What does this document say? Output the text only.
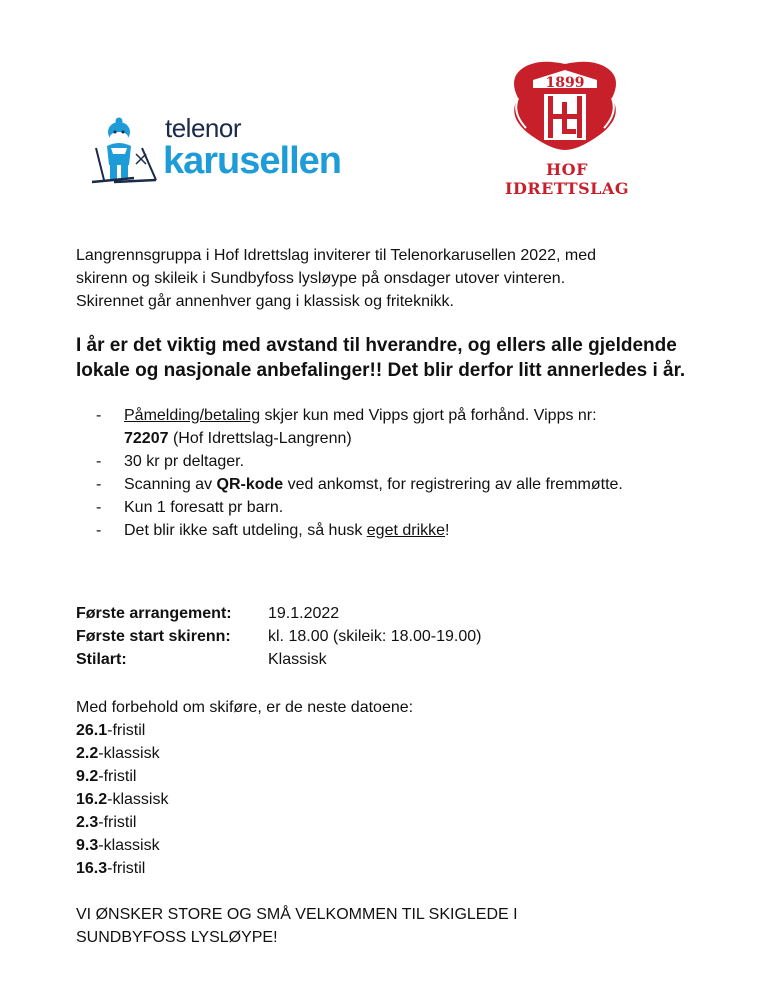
telenor
karusellen
1899
HOF IDRETTSLAG

Langrennsgruppa i Hof Idrettslag inviterer til Telenorkarusellen 2022, med

skirenn og skileik i Sundbyfoss lysløype på onsdager utover vinteren.

Skirennet går annenhver gang i klassisk og friteknikk.

I år er det viktig med avstand til hverandre, og ellers alle gjeldende lokale og nasjonale anbefalinger!! Det blir derfor litt annerledes i år.
- Påmelding/betaling skjer kun med Vipps gjort på forhånd. Vipps nr:
72207 (Hof Idrettslag-Langrenn)
- 30 kr pr deltager.
- Scanning av QR-kode ved ankomst, for registrering av alle fremmøtte.
- Kun 1 foresatt pr barn.
- Det blir ikke saft utdeling, så husk eget drikke!
Første arrangement: 19.1.2022
Første start skirenn: kl. 18.00 (skileik: 18.00-19.00)
Stilart:	Klassisk
Med forbehold om skiføre, er de neste datoene:
26.1-fristil
2.2-klassisk
9.2-fristil
16.2-klassisk
2.3-fristil
9.3-klassisk
16.3-fristil
VI ØNSKER STORE OG SMÅ VELKOMMEN TIL SKIGLEDE I
SUNDBYFOSS LYSLØYPE!
